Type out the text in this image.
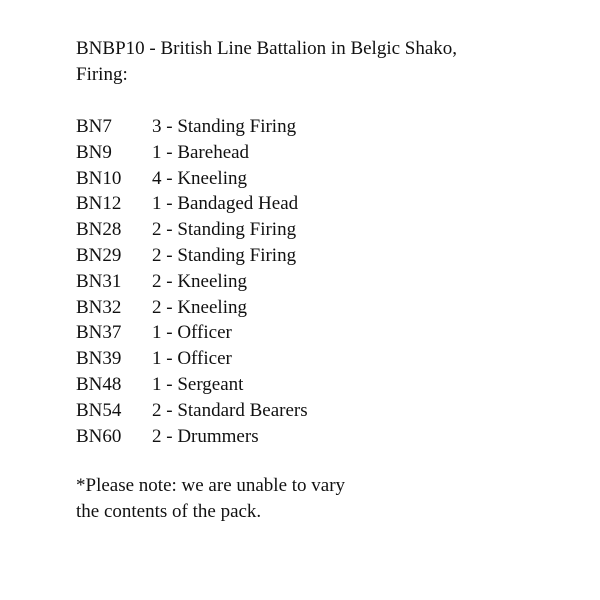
BNBP10 - British Line Battalion in Belgic Shako,
Firing:
BN7	3 - Standing Firing
BN9	1 - Barehead
BN10	4 - Kneeling
BN12	1 - Bandaged Head
BN28	2 - Standing Firing
BN29	2 - Standing Firing
BN31	2 - Kneeling
BN32	2 - Kneeling
BN37	1 - Officer
BN39	1 - Officer
BN48	1 - Sergeant
BN54	2 - Standard Bearers
BN60	2 - Drummers
*Please note: we are unable to vary
the contents of the pack.
